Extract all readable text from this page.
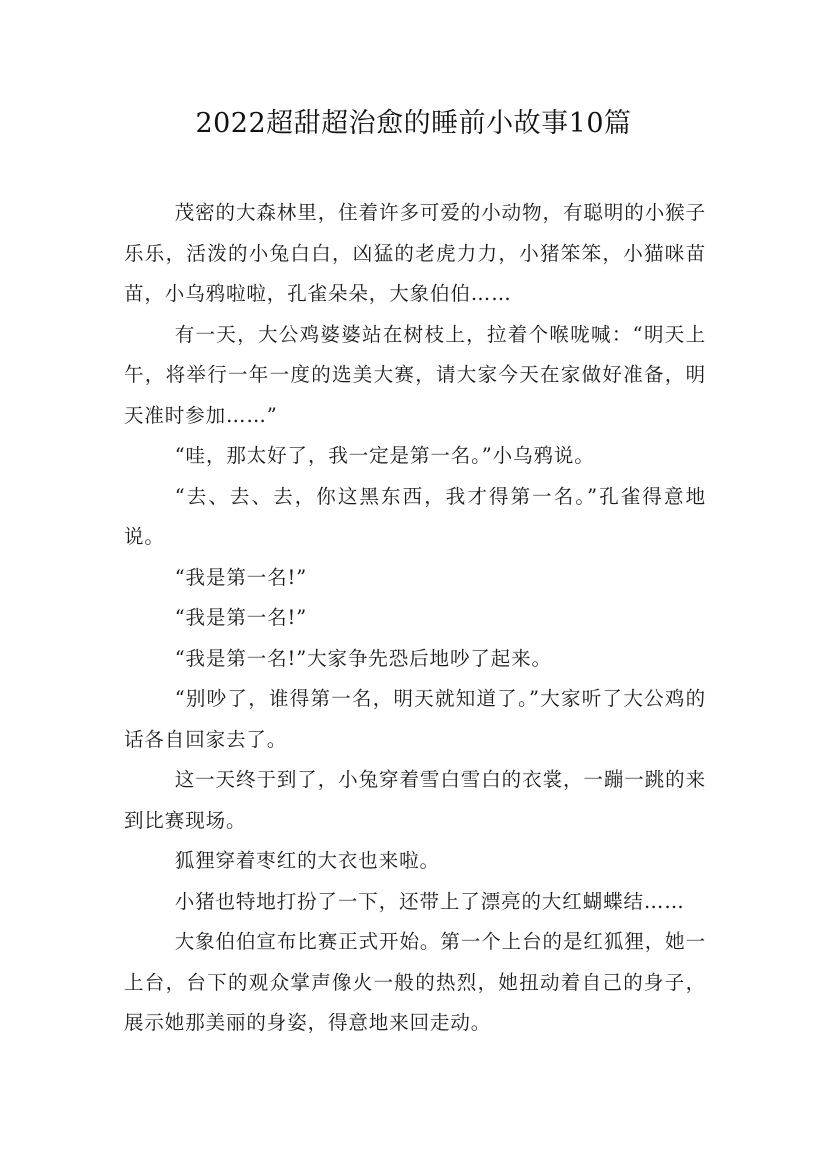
2022超甜超治愈的睡前小故事10篇

茂密的大森林里，住着许多可爱的小动物，有聪明的小猴子乐乐，活泼的小兔白白，凶猛的老虎力力，小猪笨笨，小猫咪苗苗，小乌鸦啦啦，孔雀朵朵，大象伯伯……

有一天，大公鸡婆婆站在树枝上，拉着个喉咙喊：“明天上午，将举行一年一度的选美大赛，请大家今天在家做好准备，明天准时参加……”

“哇，那太好了，我一定是第一名。”小乌鸦说。

“去、去、去，你这黑东西，我才得第一名。”孔雀得意地说。

“我是第一名!”

“我是第一名!”

“我是第一名!”大家争先恐后地吵了起来。

“别吵了，谁得第一名，明天就知道了。”大家听了大公鸡的话各自回家去了。

这一天终于到了，小兔穿着雪白雪白的衣裳，一蹦一跳的来到比赛现场。

狐狸穿着枣红的大衣也来啦。

小猪也特地打扮了一下，还带上了漂亮的大红蝴蝶结……

大象伯伯宣布比赛正式开始。第一个上台的是红狐狸，她一上台，台下的观众掌声像火一般的热烈，她扭动着自己的身子，展示她那美丽的身姿，得意地来回走动。
